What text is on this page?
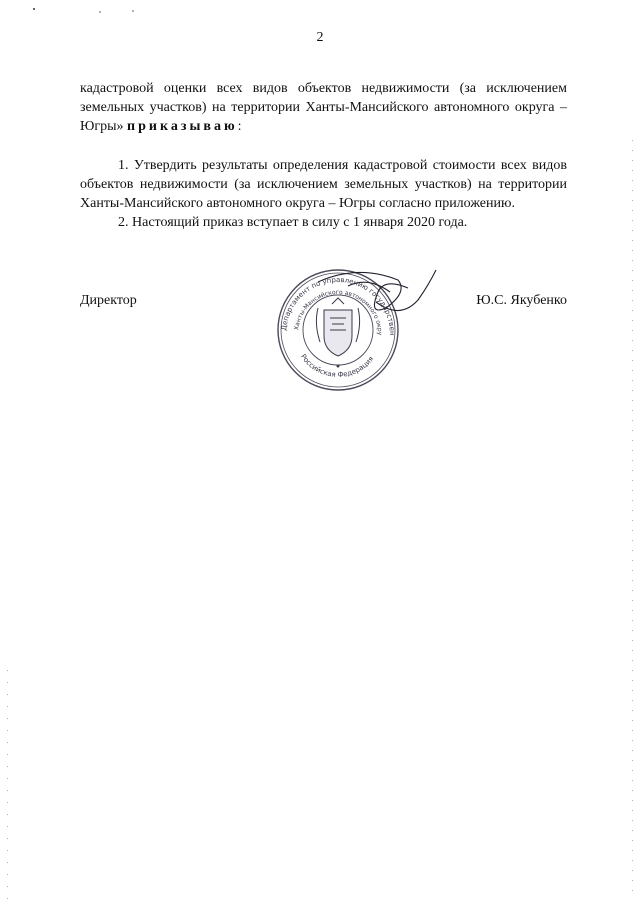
2
кадастровой оценки всех видов объектов недвижимости (за исключением земельных участков) на территории Ханты-Мансийского автономного округа – Югры» приказываю:

1. Утвердить результаты определения кадастровой стоимости всех видов объектов недвижимости (за исключением земельных участков) на территории Ханты-Мансийского автономного округа – Югры согласно приложению.

2. Настоящий приказ вступает в силу с 1 января 2020 года.

Директор	Ю.С. Якубенко
Департамент по управлению государствен
Ханты-Мансийского автономного окру
Российская Федерация
